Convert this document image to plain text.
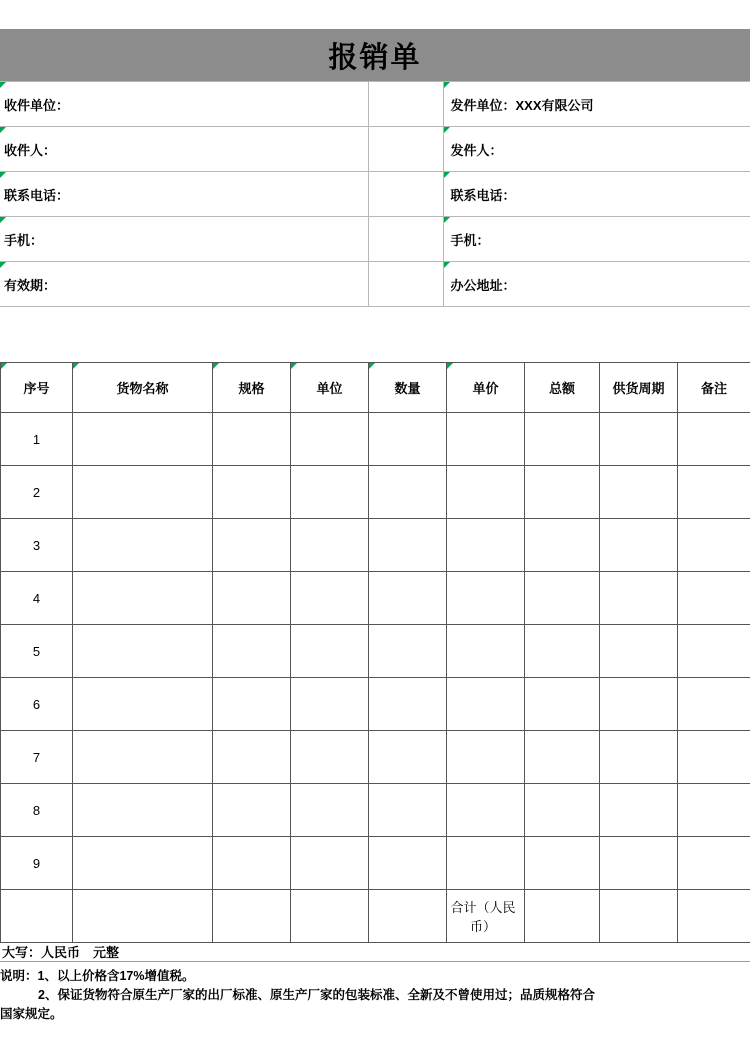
报销单
收件单位：		发件单位：XXX有限公司

收件人：		发件人：

联系电话：		联系电话：

手机：		手机：

有效期：		办公地址：
序号	货物名称	规格	单位	数量	单价	总额	供货周期	备注
1								
2								
3								
4								
5								
6								
7								
8								
9								
					合计（人民币）			
大写：人民币　元整
说明：1、以上价格含17%增值税。
2、保证货物符合原生产厂家的出厂标准、原生产厂家的包装标准、全新及不曾使用过；品质规格符合
国家规定。
